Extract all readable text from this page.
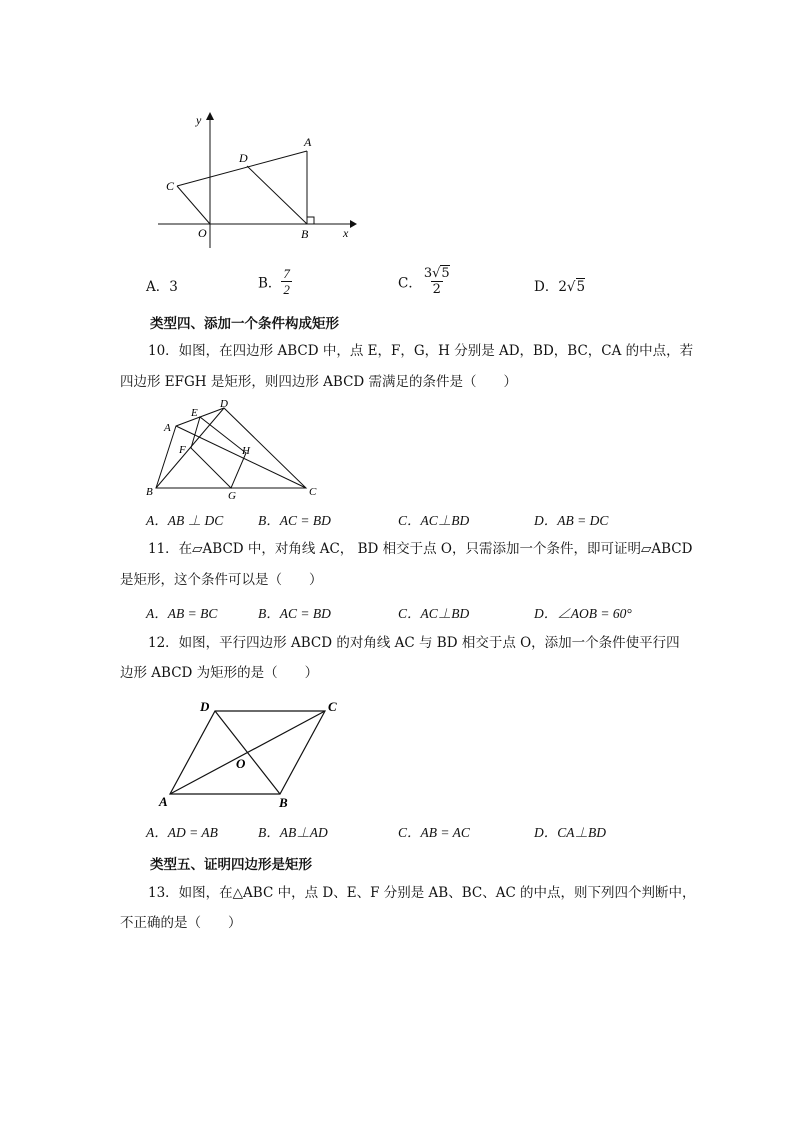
y
x
A
D
C
O	B
A．3	B． $\frac{7}{2}$	C． $\frac{3√5}{2}$	D．2√5
类型四、添加一个条件构成矩形
10．如图，在四边形 ABCD 中，点 E，F，G，H 分别是 AD，BD，BC，CA 的中点，若
四边形 EFGH 是矩形，则四边形 ABCD 需满足的条件是（　　）
A
B	C
D
E
F
G
H
A．AB ⊥ DC	B．AC = BD	C．AC⊥BD	D．AB = DC
11．在▱ABCD 中，对角线 AC， BD 相交于点 O，只需添加一个条件，即可证明▱ABCD
是矩形，这个条件可以是（　　）
A．AB = BC	B．AC = BD	C．AC⊥BD	D．∠AOB = 60°
12．如图，平行四边形 ABCD 的对角线 AC 与 BD 相交于点 O，添加一个条件使平行四
边形 ABCD 为矩形的是（　　）
A	B
C
D
O
A．AD = AB	B．AB⊥AD	C．AB = AC	D．CA⊥BD
类型五、证明四边形是矩形
13．如图，在△ABC 中，点 D、E、F 分别是 AB、BC、AC 的中点，则下列四个判断中，
不正确的是（　　）
